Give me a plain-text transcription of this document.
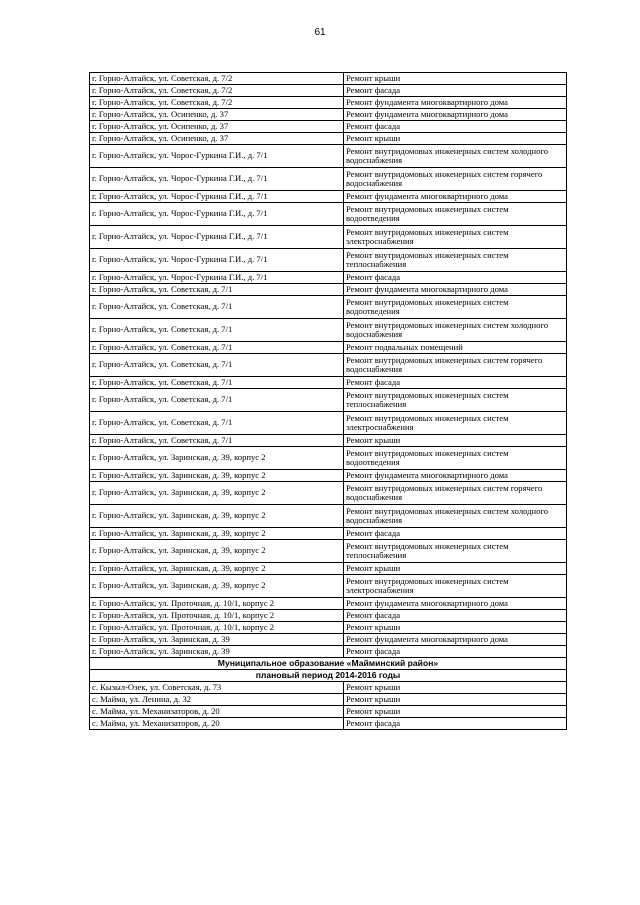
61
г. Горно-Алтайск, ул. Советская, д. 7/2	Ремонт крыши
г. Горно-Алтайск, ул. Советская, д. 7/2	Ремонт фасада
г. Горно-Алтайск, ул. Советская, д. 7/2	Ремонт фундамента многоквартирного дома
г. Горно-Алтайск, ул. Осипенко, д. 37	Ремонт фундамента многоквартирного дома
г. Горно-Алтайск, ул. Осипенко, д. 37	Ремонт фасада
г. Горно-Алтайск, ул. Осипенко, д. 37	Ремонт крыши
г. Горно-Алтайск, ул. Чорос-Гуркина Г.И., д. 7/1	Ремонт внутридомовых инженерных систем холодного водоснабжения
г. Горно-Алтайск, ул. Чорос-Гуркина Г.И., д. 7/1	Ремонт внутридомовых инженерных систем горячего водоснабжения
г. Горно-Алтайск, ул. Чорос-Гуркина Г.И., д. 7/1	Ремонт фундамента многоквартирного дома
г. Горно-Алтайск, ул. Чорос-Гуркина Г.И., д. 7/1	Ремонт внутридомовых инженерных систем водоотведения
г. Горно-Алтайск, ул. Чорос-Гуркина Г.И., д. 7/1	Ремонт внутридомовых инженерных систем электроснабжения
г. Горно-Алтайск, ул. Чорос-Гуркина Г.И., д. 7/1	Ремонт внутридомовых инженерных систем теплоснабжения
г. Горно-Алтайск, ул. Чорос-Гуркина Г.И., д. 7/1	Ремонт фасада
г. Горно-Алтайск, ул. Советская, д. 7/1	Ремонт фундамента многоквартирного дома
г. Горно-Алтайск, ул. Советская, д. 7/1	Ремонт внутридомовых инженерных систем водоотведения
г. Горно-Алтайск, ул. Советская, д. 7/1	Ремонт внутридомовых инженерных систем холодного водоснабжения
г. Горно-Алтайск, ул. Советская, д. 7/1	Ремонт подвальных помещений
г. Горно-Алтайск, ул. Советская, д. 7/1	Ремонт внутридомовых инженерных систем горячего водоснабжения
г. Горно-Алтайск, ул. Советская, д. 7/1	Ремонт фасада
г. Горно-Алтайск, ул. Советская, д. 7/1	Ремонт внутридомовых инженерных систем теплоснабжения
г. Горно-Алтайск, ул. Советская, д. 7/1	Ремонт внутридомовых инженерных систем электроснабжения
г. Горно-Алтайск, ул. Советская, д. 7/1	Ремонт крыши
г. Горно-Алтайск, ул. Заринская, д. 39, корпус 2	Ремонт внутридомовых инженерных систем водоотведения
г. Горно-Алтайск, ул. Заринская, д. 39, корпус 2	Ремонт фундамента многоквартирного дома
г. Горно-Алтайск, ул. Заринская, д. 39, корпус 2	Ремонт внутридомовых инженерных систем горячего водоснабжения
г. Горно-Алтайск, ул. Заринская, д. 39, корпус 2	Ремонт внутридомовых инженерных систем холодного водоснабжения
г. Горно-Алтайск, ул. Заринская, д. 39, корпус 2	Ремонт фасада
г. Горно-Алтайск, ул. Заринская, д. 39, корпус 2	Ремонт внутридомовых инженерных систем теплоснабжения
г. Горно-Алтайск, ул. Заринская, д. 39, корпус 2	Ремонт крыши
г. Горно-Алтайск, ул. Заринская, д. 39, корпус 2	Ремонт внутридомовых инженерных систем электроснабжения
г. Горно-Алтайск, ул. Проточная, д. 10/1, корпус 2	Ремонт фундамента многоквартирного дома
г. Горно-Алтайск, ул. Проточная, д. 10/1, корпус 2	Ремонт фасада
г. Горно-Алтайск, ул. Проточная, д. 10/1, корпус 2	Ремонт крыши
г. Горно-Алтайск, ул. Заринская, д. 39	Ремонт фундамента многоквартирного дома
г. Горно-Алтайск, ул. Заринская, д. 39	Ремонт фасада
Муниципальное образование «Майминский район»	
плановый период 2014-2016 годы	
с. Кызыл-Озек, ул. Советская, д. 73	Ремонт крыши
с. Майма, ул. Ленина, д. 32	Ремонт крыши
с. Майма, ул. Механизаторов, д. 20	Ремонт крыши
с. Майма, ул. Механизаторов, д. 20	Ремонт фасада
